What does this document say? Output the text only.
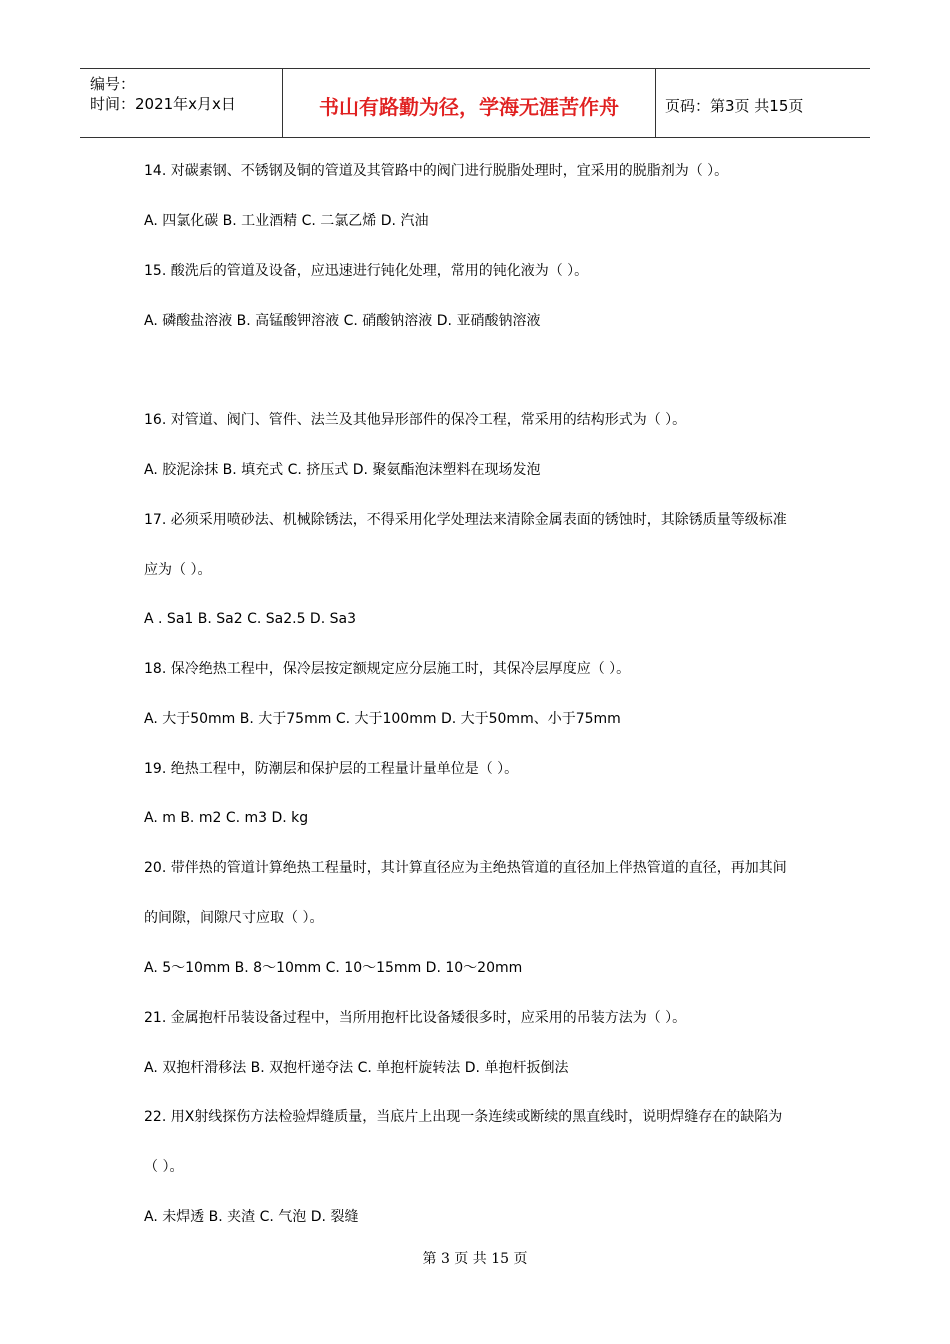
编号：
时间：2021年x月x日	书山有路勤为径，学海无涯苦作舟	页码：第3页 共15页
14. 对碳素钢、不锈钢及铜的管道及其管路中的阀门进行脱脂处理时，宜采用的脱脂剂为（ ）。
A. 四氯化碳 B. 工业酒精 C. 二氯乙烯 D. 汽油
15. 酸洗后的管道及设备，应迅速进行钝化处理，常用的钝化液为（ ）。
A. 磷酸盐溶液 B. 高锰酸钾溶液 C. 硝酸钠溶液 D. 亚硝酸钠溶液
16. 对管道、阀门、管件、法兰及其他异形部件的保冷工程，常采用的结构形式为（ ）。
A. 胶泥涂抹 B. 填充式 C. 挤压式 D. 聚氨酯泡沫塑料在现场发泡
17. 必须采用喷砂法、机械除锈法，不得采用化学处理法来清除金属表面的锈蚀时，其除锈质量等级标准
应为（ ）。
A . Sa1 B. Sa2 C. Sa2.5 D. Sa3
18. 保冷绝热工程中，保冷层按定额规定应分层施工时，其保冷层厚度应（ ）。
A. 大于50mm B. 大于75mm C. 大于100mm D. 大于50mm、小于75mm
19. 绝热工程中，防潮层和保护层的工程量计量单位是（ ）。
A. m B. m2 C. m3 D. kg
20. 带伴热的管道计算绝热工程量时，其计算直径应为主绝热管道的直径加上伴热管道的直径，再加其间
的间隙，间隙尺寸应取（ ）。
A. 5～10mm B. 8～10mm C. 10～15mm D. 10～20mm
21. 金属抱杆吊装设备过程中，当所用抱杆比设备矮很多时，应采用的吊装方法为（ ）。
A. 双抱杆滑移法 B. 双抱杆递夺法 C. 单抱杆旋转法 D. 单抱杆扳倒法
22. 用X射线探伤方法检验焊缝质量，当底片上出现一条连续或断续的黑直线时，说明焊缝存在的缺陷为
（ ）。
A. 未焊透 B. 夹渣 C. 气泡 D. 裂缝
第 3 页 共 15 页
